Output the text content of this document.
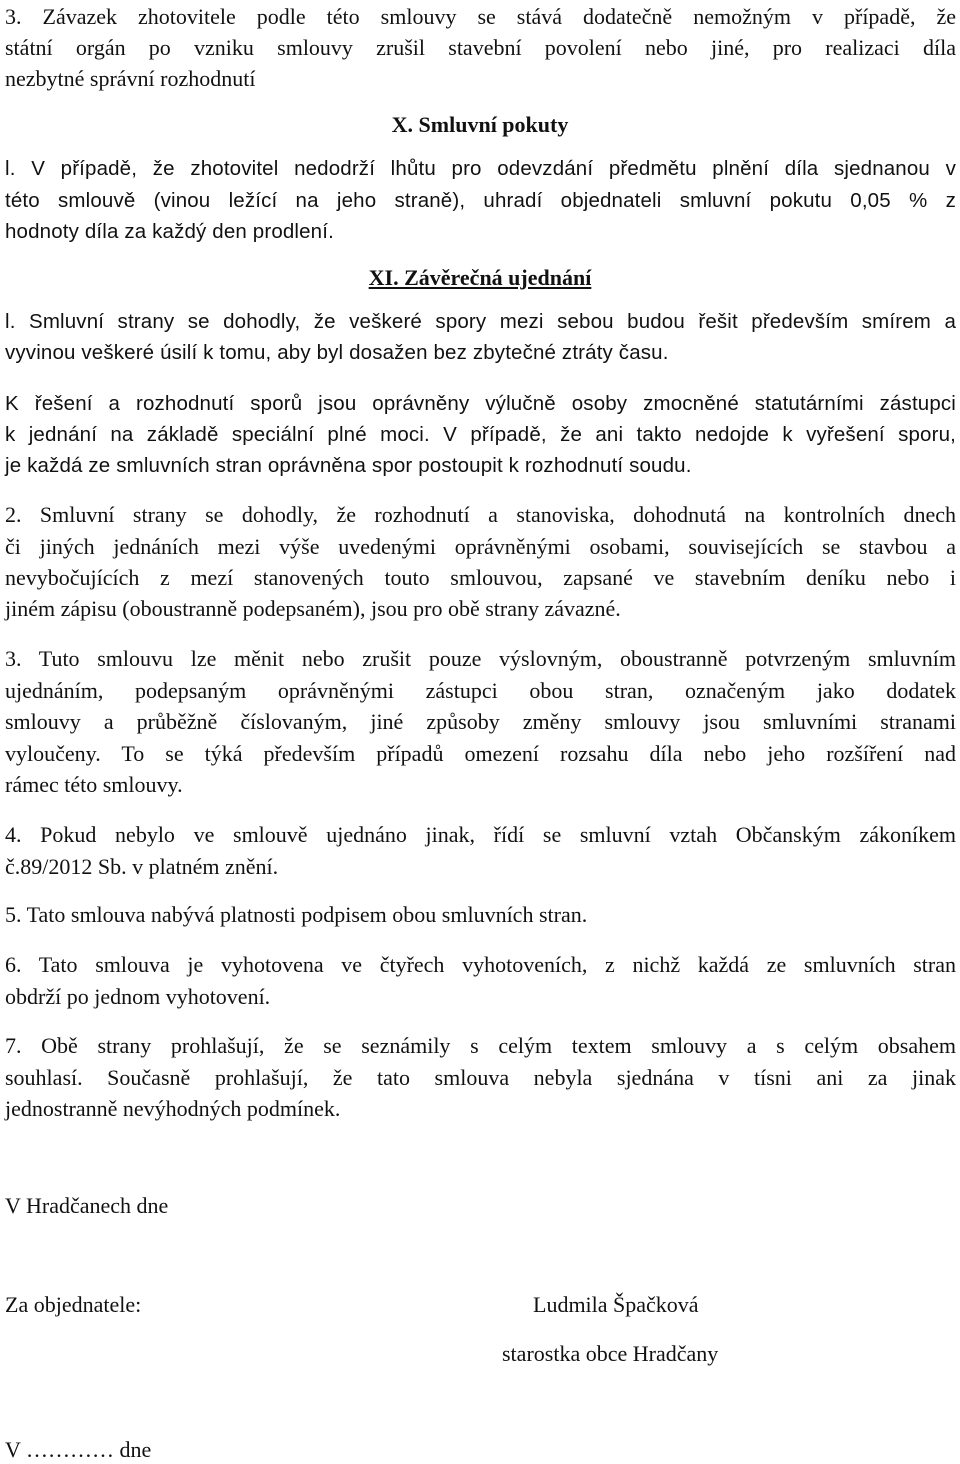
3. Závazek zhotovitele podle této smlouvy se stává dodatečně nemožným v případě, že
státní orgán po vzniku smlouvy zrušil stavební povolení nebo jiné, pro realizaci díla
nezbytné správní rozhodnutí
X. Smluvní pokuty
l. V případě, že zhotovitel nedodrží lhůtu pro odevzdání předmětu plnění díla sjednanou v
této smlouvě (vinou ležící na jeho straně), uhradí objednateli smluvní pokutu 0,05 % z
hodnoty díla za každý den prodlení.
XI. Závěrečná ujednání
l. Smluvní strany se dohodly, že veškeré spory mezi sebou budou řešit především smírem a
vyvinou veškeré úsilí k tomu, aby byl dosažen bez zbytečné ztráty času.
K řešení a rozhodnutí sporů jsou oprávněny výlučně osoby zmocněné statutárními zástupci
k jednání na základě speciální plné moci. V případě, že ani takto nedojde k vyřešení sporu,
je každá ze smluvních stran oprávněna spor postoupit k rozhodnutí soudu.
2. Smluvní strany se dohodly, že rozhodnutí a stanoviska, dohodnutá na kontrolních dnech
či jiných jednáních mezi výše uvedenými oprávněnými osobami, souvisejících se stavbou a
nevybočujících z mezí stanovených touto smlouvou, zapsané ve stavebním deníku nebo i
jiném zápisu (oboustranně podepsaném), jsou pro obě strany závazné.
3. Tuto smlouvu lze měnit nebo zrušit pouze výslovným, oboustranně potvrzeným smluvním
ujednáním, podepsaným oprávněnými zástupci obou stran, označeným jako dodatek
smlouvy a průběžně číslovaným, jiné způsoby změny smlouvy jsou smluvními stranami
vyloučeny. To se týká především případů omezení rozsahu díla nebo jeho rozšíření nad
rámec této smlouvy.
4. Pokud nebylo ve smlouvě ujednáno jinak, řídí se smluvní vztah Občanským zákoníkem
č.89/2012 Sb. v platném znění.
5. Tato smlouva nabývá platnosti podpisem obou smluvních stran.
6. Tato smlouva je vyhotovena ve čtyřech vyhotoveních, z nichž každá ze smluvních stran
obdrží po jednom vyhotovení.
7. Obě strany prohlašují, že se seznámily s celým textem smlouvy a s celým obsahem
souhlasí. Současně prohlašují, že tato smlouva nebyla sjednána v tísni ani za jinak
jednostranně nevýhodných podmínek.
V Hradčanech dne
Za objednatele:	Ludmila Špačková
starostka obce Hradčany
V ………… dne
